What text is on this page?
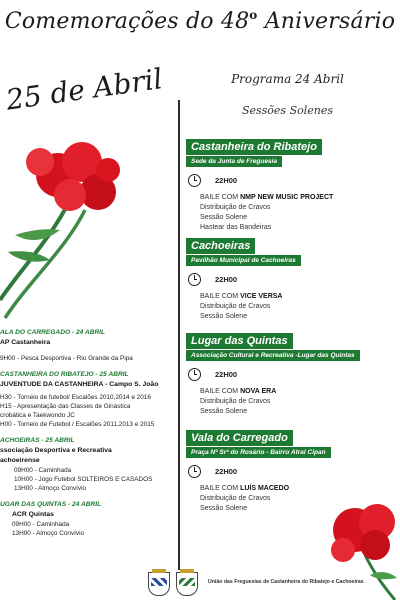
Comemorações do 48$^o$ Aniversário
25 de Abril	Programa 24 Abril
Sessões Solenes
Castanheira do Ribatejo
Sede da Junta de Freguesia
22H00
BAILE COM NMP NEW MUSIC PROJECT
Distribuição de Cravos
Sessão Solene
Hastear das Bandeiras
Cachoeiras
Pavilhão Municipal de Cachoeiras
22H00
BAILE COM VICE VERSA
Distribuição de Cravos
Sessão Solene
Lugar das Quintas
Associação Cultural e Recreativa -Lugar das Quintas
22H00
BAILE COM NOVA ERA
Distribuição de Cravos
Sessão Solene
Vala do Carregado
Praça Nº Srª do Rosário - Bairro Atral Cipan
22H00
BAILE COM LUÍS MACEDO
Distribuição de Cravos
Sessão Solene
ALA DO CARREGADO - 24 ABRIL
AP Castanheira
9H00 - Pesca Desportiva - Rio Grande da Pipa
CASTANHEIRA DO RIBATEJO - 25 ABRIL
JUVENTUDE DA CASTANHEIRA - Campo S. João
H30 - Torneio de futebol/ Escalões 2010,2014 e 2016
H15 - Apresentação das Classes de Ginástica
crobática e Taekwondo JC
H00 - Torneio de Futebol / Escalões 2011,2013 e 2015
ACHOEIRAS - 25 ABRIL
ssociação Desportiva e Recreativa
achoeirense
09H00 - Caminhada
10H00 - Jogo Futebol SOLTEIROS E CASADOS
13H00 - Almoço Convívio
UGAR DAS QUINTAS - 24 ABRIL
ACR Quintas
09H00 - Caminhada
13H00 - Almoço Convívio
União das Freguesias de Castanheira do Ribatejo e Cachoeiras
